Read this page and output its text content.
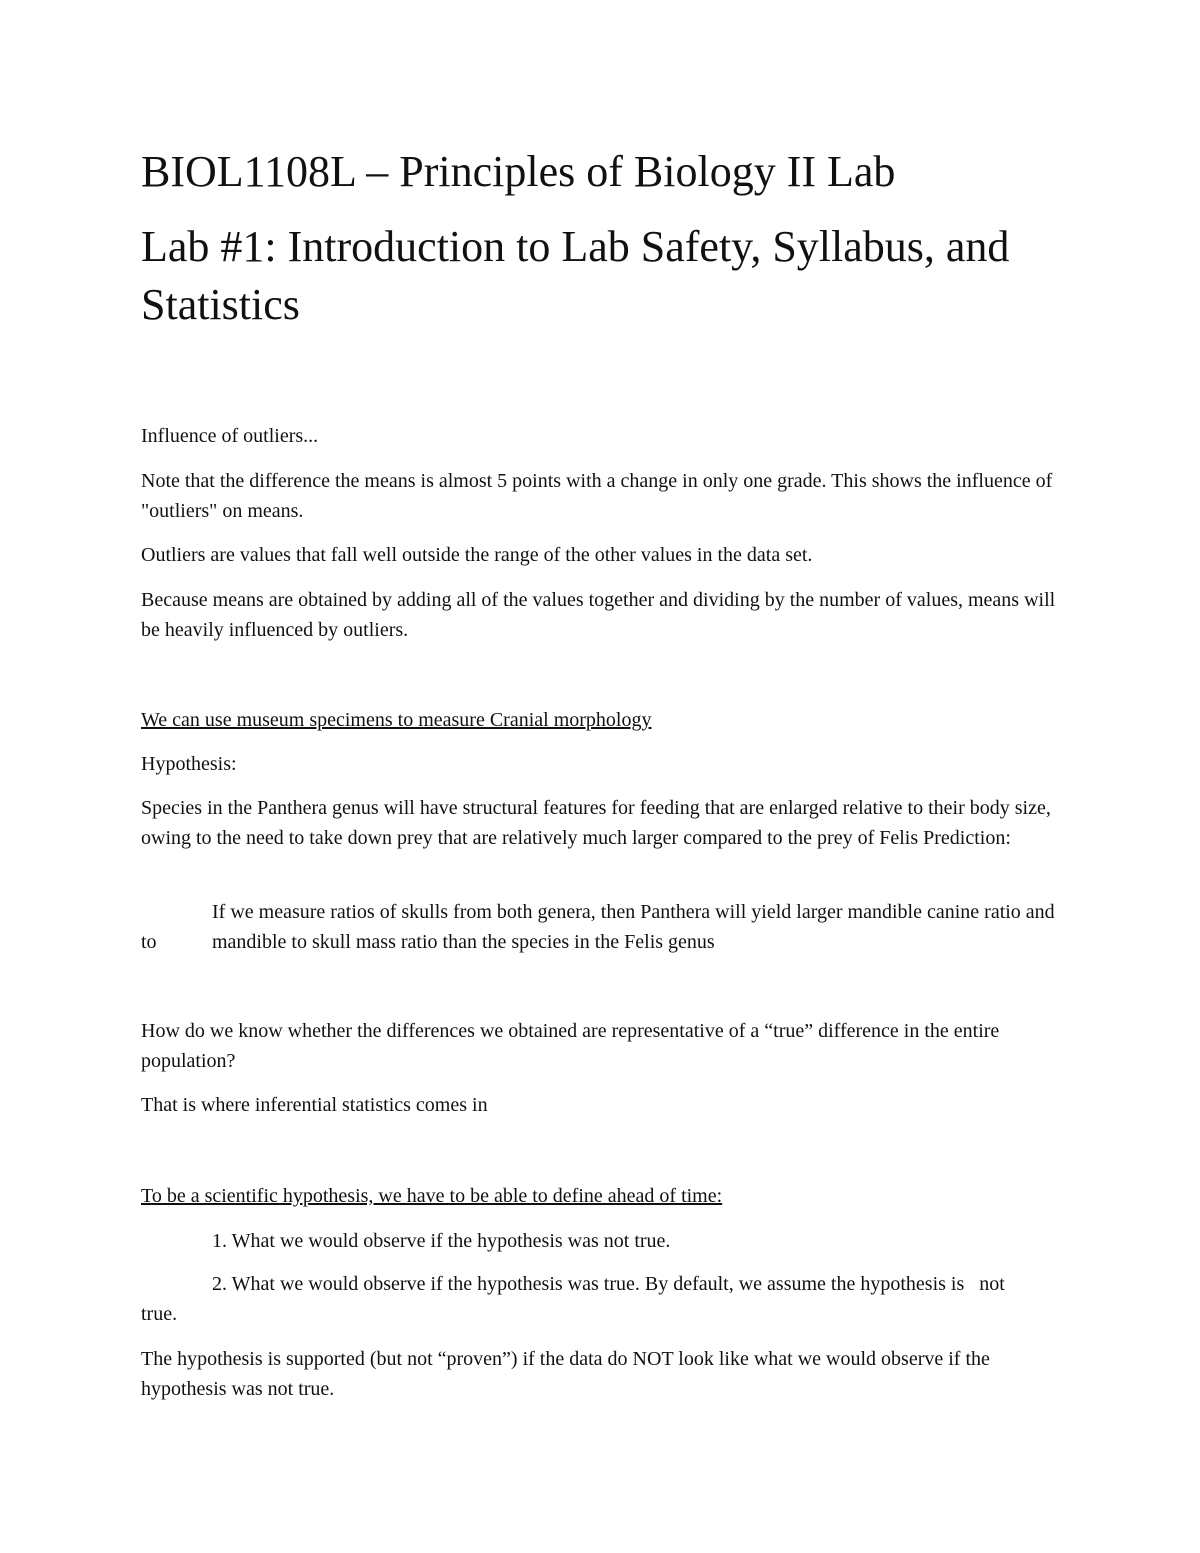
BIOL1108L – Principles of Biology II Lab
Lab #1: Introduction to Lab Safety, Syllabus, and Statistics

Influence of outliers...

Note that the difference the means is almost 5 points with a change in only one grade. This shows the influence of "outliers" on means.

Outliers are values that fall well outside the range of the other values in the data set.

Because means are obtained by adding all of the values together and dividing by the number of values, means will be heavily influenced by outliers.

We can use museum specimens to measure Cranial morphology

Hypothesis:

Species in the Panthera genus will have structural features for feeding that are enlarged relative to their body size, owing to the need to take down prey that are relatively much larger compared to the prey of Felis Prediction:

If we measure ratios of skulls from both genera, then Panthera will yield larger mandible canine ratio and mandible to skull mass ratio than the species in the Felis genus

to

How do we know whether the differences we obtained are representative of a “true” difference in the entire population?

That is where inferential statistics comes in

To be a scientific hypothesis, we have to be able to define ahead of time:

1. What we would observe if the hypothesis was not true.

2. What we would observe if the hypothesis was true. By default, we assume the hypothesis is   not true.

The hypothesis is supported (but not “proven”) if the data do NOT look like what we would observe if the hypothesis was not true.
